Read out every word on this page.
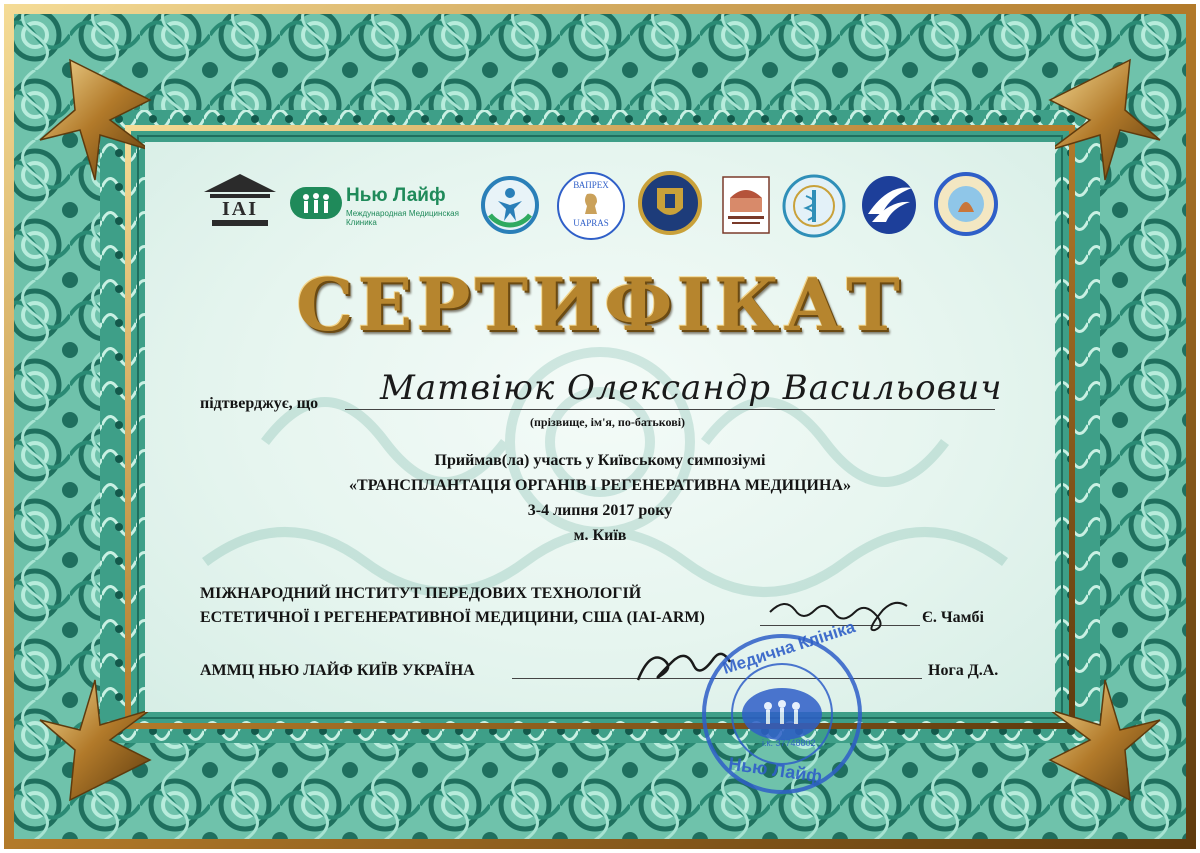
IAI
Нью Лайф
Международная Медицинская Клиника
ВАПРЕХ
UAPRAS
СЕРТИФІКАТ
підтверджує, що Матвіюк Олександр Васильович
(прізвище, ім'я, по-батькові)
Приймав(ла) участь у Київському симпозіумі
«ТРАНСПЛАНТАЦІЯ ОРГАНІВ І РЕГЕНЕРАТИВНА МЕДИЦИНА»
3-4 липня 2017 року
м. Київ
МІЖНАРОДНИЙ ІНСТИТУТ ПЕРЕДОВИХ ТЕХНОЛОГІЙ
ЕСТЕТИЧНОЇ І РЕГЕНЕРАТИВНОЇ МЕДИЦИНИ, США (IAI-ARM)	Є. Чамбі
АММЦ НЬЮ ЛАЙФ КИЇВ УКРАЇНА	Нога Д.А.
Медична Клініка
і.к. 37748802
Нью Лайф
